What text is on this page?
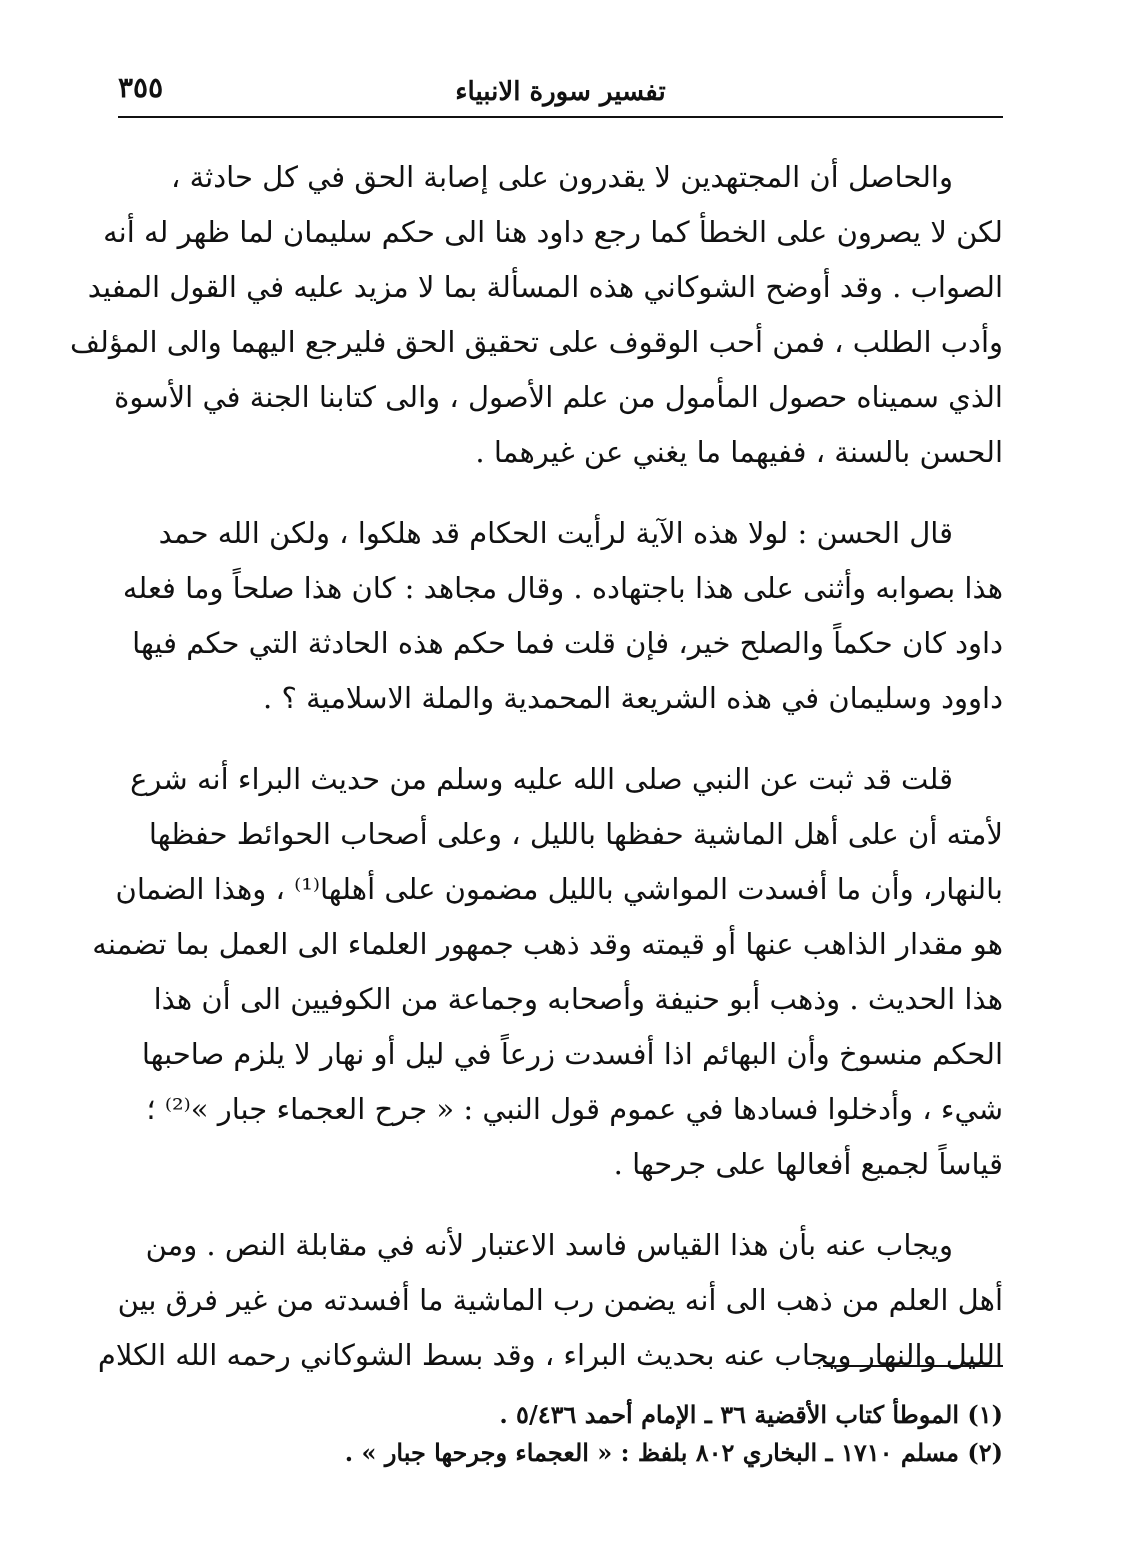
تفسير سورة الانبياء
٣٥٥

والحاصل أن المجتهدين لا يقدرون على إصابة الحق في كل حادثة ،
لكن لا يصرون على الخطأ كما رجع داود هنا الى حكم سليمان لما ظهر له أنه
الصواب . وقد أوضح الشوكاني هذه المسألة بما لا مزيد عليه في القول المفيد
وأدب الطلب ، فمن أحب الوقوف على تحقيق الحق فليرجع اليهما والى المؤلف
الذي سميناه حصول المأمول من علم الأصول ، والى كتابنا الجنة في الأسوة
الحسن بالسنة ، ففيهما ما يغني عن غيرهما .

قال الحسن : لولا هذه الآية لرأيت الحكام قد هلكوا ، ولكن الله حمد
هذا بصوابه وأثنى على هذا باجتهاده . وقال مجاهد : كان هذا صلحاً وما فعله
داود كان حكماً والصلح خير، فإن قلت فما حكم هذه الحادثة التي حكم فيها
داوود وسليمان في هذه الشريعة المحمدية والملة الاسلامية ؟ .

قلت قد ثبت عن النبي صلى الله عليه وسلم من حديث البراء أنه شرع
لأمته أن على أهل الماشية حفظها بالليل ، وعلى أصحاب الحوائط حفظها
بالنهار، وأن ما أفسدت المواشي بالليل مضمون على أهلها⁽¹⁾ ، وهذا الضمان
هو مقدار الذاهب عنها أو قيمته وقد ذهب جمهور العلماء الى العمل بما تضمنه
هذا الحديث . وذهب أبو حنيفة وأصحابه وجماعة من الكوفيين الى أن هذا
الحكم منسوخ وأن البهائم اذا أفسدت زرعاً في ليل أو نهار لا يلزم صاحبها
شيء ، وأدخلوا فسادها في عموم قول النبي : « جرح العجماء جبار »⁽²⁾ ؛
قياساً لجميع أفعالها على جرحها .

ويجاب عنه بأن هذا القياس فاسد الاعتبار لأنه في مقابلة النص . ومن
أهل العلم من ذهب الى أنه يضمن رب الماشية ما أفسدته من غير فرق بين
الليل والنهار ويجاب عنه بحديث البراء ، وقد بسط الشوكاني رحمه الله الكلام

(١) الموطأ كتاب الأقضية ٣٦ ـ الإمام أحمد ٥/٤٣٦ .
(٢) مسلم ١٧١٠ ـ البخاري ٨٠٢ بلفظ : « العجماء وجرحها جبار » .
